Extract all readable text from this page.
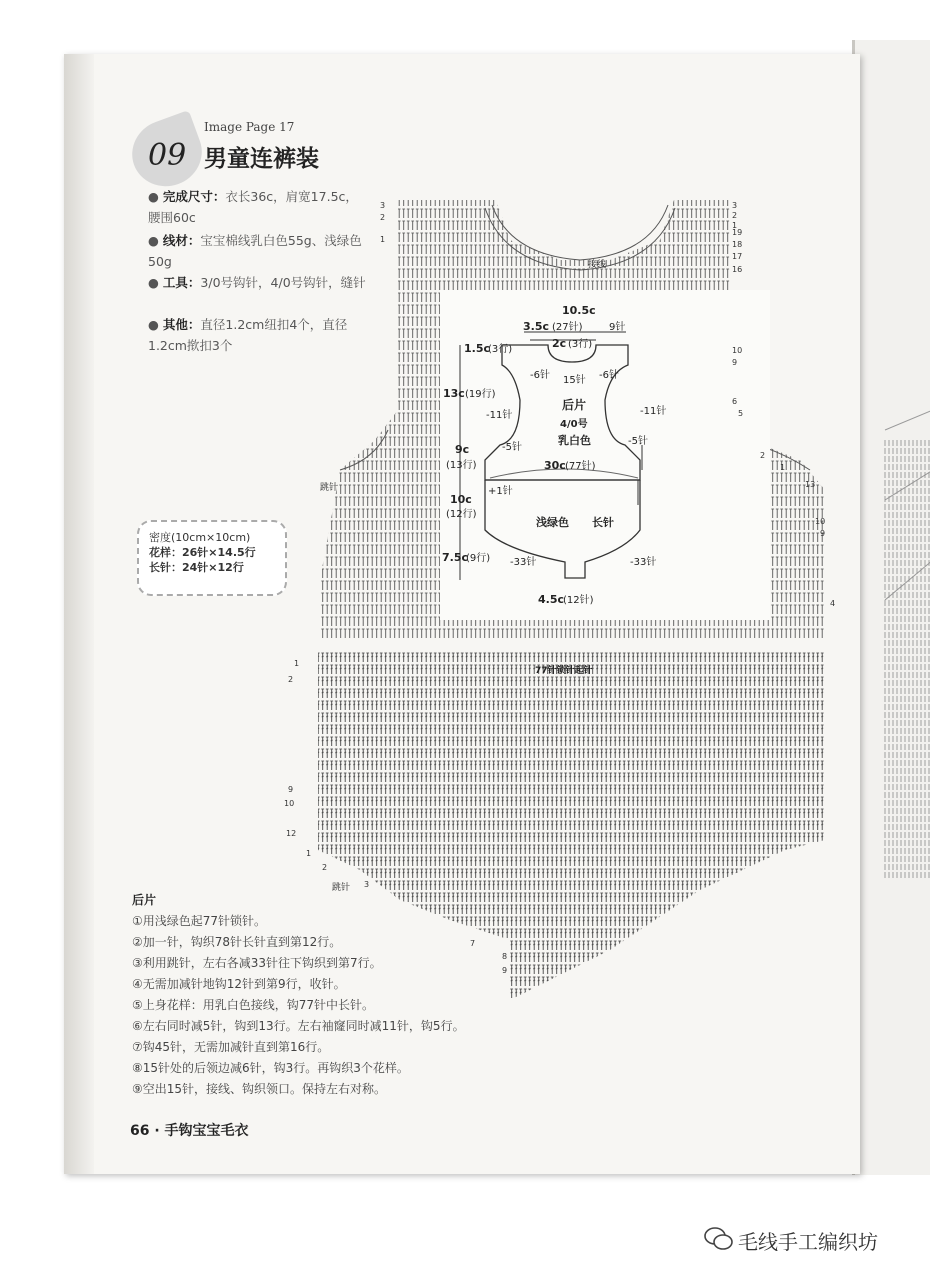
Image Page 17
09 男童连裤装
● 完成尺寸：衣长36c，肩宽17.5c，腰围60c
● 线材：宝宝棉线乳白色55g、浅绿色50g
● 工具：3/0号钩针，4/0号钩针，缝针
● 其他：直径1.2cm纽扣4个，直径1.2cm揿扣3个
密度(10cm×10cm)
花样：26针×14.5行
长针：24针×12行
10.5c
3.5c (27针)	9针
2c (3行)
1.5c
(3行)
-6针 15针 -6针
13c (19行)
-11针
后片
4/0号
乳白色
-11针
9c
(13行)
-5针
-5针
30c (77针)
+1针
10c
(12行)
浅绿色 长针
7.5c
(9行) -33针	-33针
4.5c
(12针)
接线
跳针
77针锁针起针
跳针
3
2
1
3
2
1
19
18
17
16
10
9
6
5
2
1
13
10
9
4
1
2
9
10
12
1
2
3
7
8
9
后片
①用浅绿色起77针锁针。
②加一针，钩织78针长针直到第12行。
③利用跳针，左右各减33针往下钩织到第7行。
④无需加减针地钩12针到第9行，收针。
⑤上身花样：用乳白色接线，钩77针中长针。
⑥左右同时减5针，钩到13行。左右袖窿同时减11针，钩5行。
⑦钩45针，无需加减针直到第16行。
⑧15针处的后领边减6针，钩3行。再钩织3个花样。
⑨空出15针，接线、钩织领口。保持左右对称。
66 · 手钩宝宝毛衣
毛线手工编织坊
